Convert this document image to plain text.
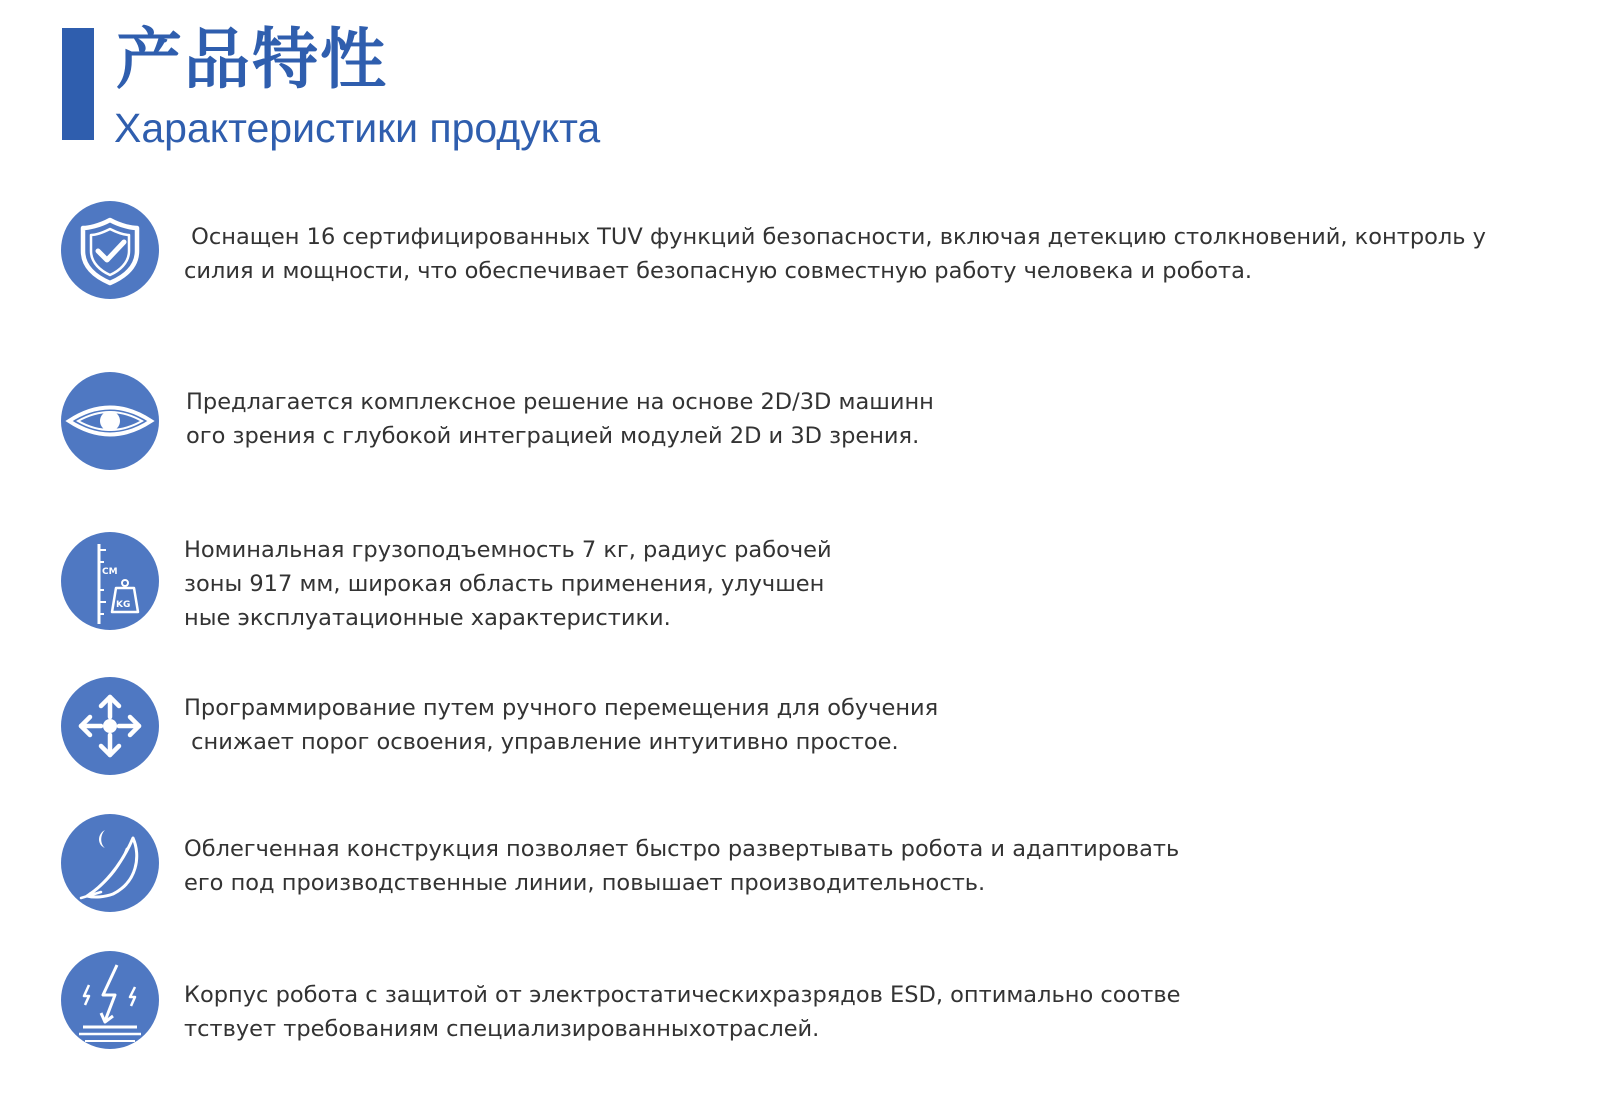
产品特性
Характеристики продукта

Оснащен 16 сертифицированных TUV функций безопасности, включая детекцию столкновений, контроль у
силия и мощности, что обеспечивает безопасную совместную работу человека и робота.

Предлагается комплексное решение на основе 2D/3D машинн
ого зрения с глубокой интеграцией модулей 2D и 3D зрения.

CM
KG

Номинальная грузоподъемность 7 кг, радиус рабочей
зоны 917 мм, широкая область применения, улучшен
ные эксплуатационные характеристики.

Программирование путем ручного перемещения для обучения
снижает порог освоения, управление интуитивно простое.

Облегченная конструкция позволяет быстро развертывать робота и адаптировать
его под производственные линии, повышает производительность.

Корпус робота с защитой от электростатическихразрядов ESD, оптимально соотве
тствует требованиям специализированныхотраслей.
